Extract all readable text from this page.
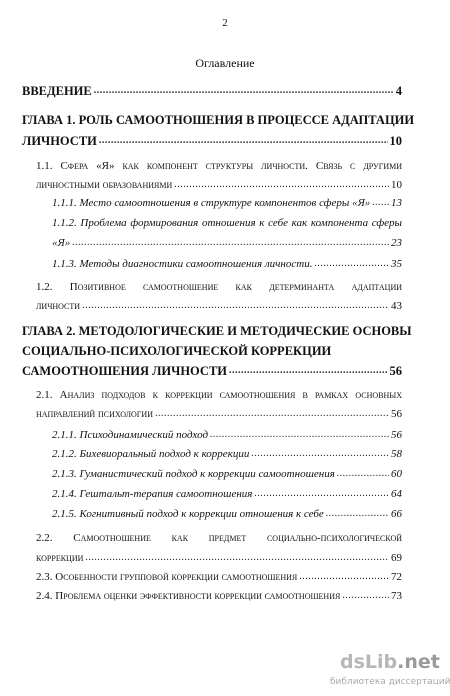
2
Оглавление
ВВЕДЕНИЕ .....	4
ГЛАВА 1. РОЛЬ САМООТНОШЕНИЯ В ПРОЦЕССЕ АДАПТАЦИИ
ЛИЧНОСТИ .....	10
1.1. Сфера «Я» как компонент структуры личности. Связь с другими
личностными образованиями .....	10
1.1.1. Место самоотношения в структуре компонентов сферы «Я» ..... 13
1.1.2. Проблема формирования отношения к себе как компонента сферы
«Я» .....	23
1.1.3. Методы диагностики самоотношения личности. .....	35
1.2. Позитивное самоотношение как детерминанта адаптации
личности .....	43
ГЛАВА 2. МЕТОДОЛОГИЧЕСКИЕ И МЕТОДИЧЕСКИЕ ОСНОВЫ
СОЦИАЛЬНО-ПСИХОЛОГИЧЕСКОЙ КОРРЕКЦИИ
САМООТНОШЕНИЯ ЛИЧНОСТИ .....	56
2.1. Анализ подходов к коррекции самоотношения в рамках основных
направлений психологии .....	56
2.1.1. Психодинамический подход .....	56
2.1.2. Бихевиоральный подход к коррекции .....	58
2.1.3. Гуманистический подход к коррекции самоотношения .....	60
2.1.4. Гештальт-терапия самоотношения .....	64
2.1.5. Когнитивный подход к коррекции отношения к себе .....	66
2.2. Самоотношение как предмет социально-психологической
коррекции .....	69
2.3. Особенности групповой коррекции самоотношения .....	72
2.4. Проблема оценки эффективности коррекции самоотношения .....	73
dsLib.net
библиотека диссертаций
